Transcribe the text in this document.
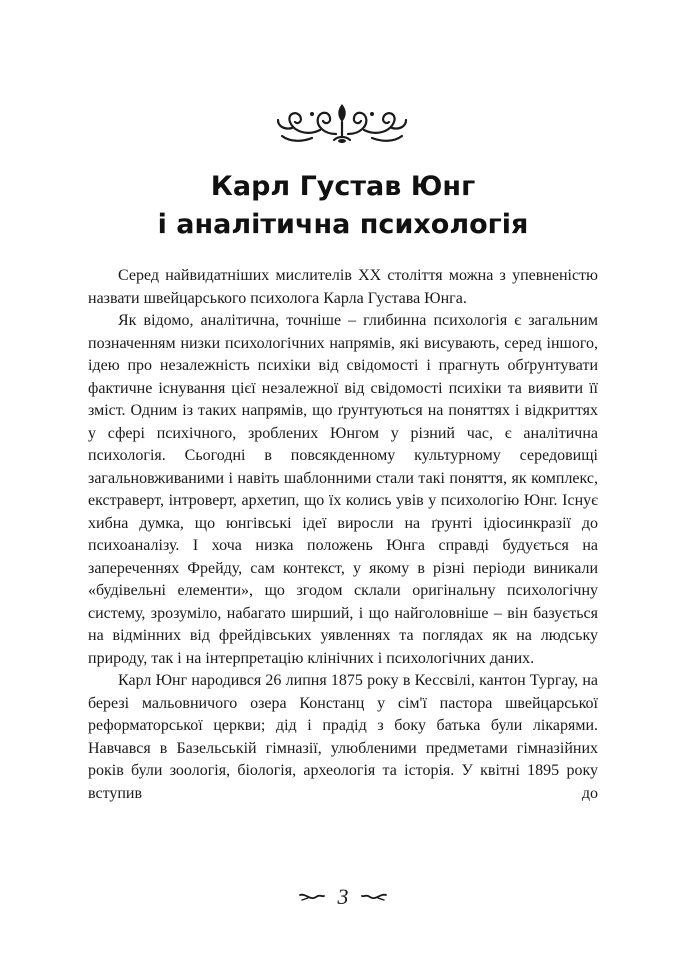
Карл Густав Юнг
і аналітична психологія

Серед найвидатніших мислителів XX століття можна з упевненістю назвати швейцарського психолога Карла Густава Юнга.

Як відомо, аналітична, точніше – глибинна психологія є загальним позначенням низки психологічних напрямів, які висувають, серед іншого, ідею про незалежність психіки від свідомості і прагнуть обґрунтувати фактичне існування цієї незалежної від свідомості психіки та виявити її зміст. Одним із таких напрямів, що ґрунтуються на поняттях і відкриттях у сфері психічного, зроблених Юнгом у різний час, є аналітична психологія. Сьогодні в повсякденному культурному середовищі загальновживаними і навіть шаблонними стали такі поняття, як комплекс, екстраверт, інтроверт, архетип, що їх колись увів у психологію Юнг. Існує хибна думка, що юнгівські ідеї виросли на ґрунті ідіосинкразії до психоаналізу. І хоча низка положень Юнга справді будується на запереченнях Фрейду, сам контекст, у якому в різні періоди виникали «будівельні елементи», що згодом склали оригінальну психологічну систему, зрозуміло, набагато ширший, і що найголовніше – він базується на відмінних від фрейдівських уявленнях та поглядах як на людську природу, так і на інтерпретацію клінічних і психологічних даних.

Карл Юнг народився 26 липня 1875 року в Кессвілі, кантон Тургау, на березі мальовничого озера Констанц у сім'ї пастора швейцарської реформаторської церкви; дід і прадід з боку батька були лікарями. Навчався в Базельській гімназії, улюбленими предметами гімназійних років були зоологія, біологія, археологія та історія. У квітні 1895 року вступив до

3
